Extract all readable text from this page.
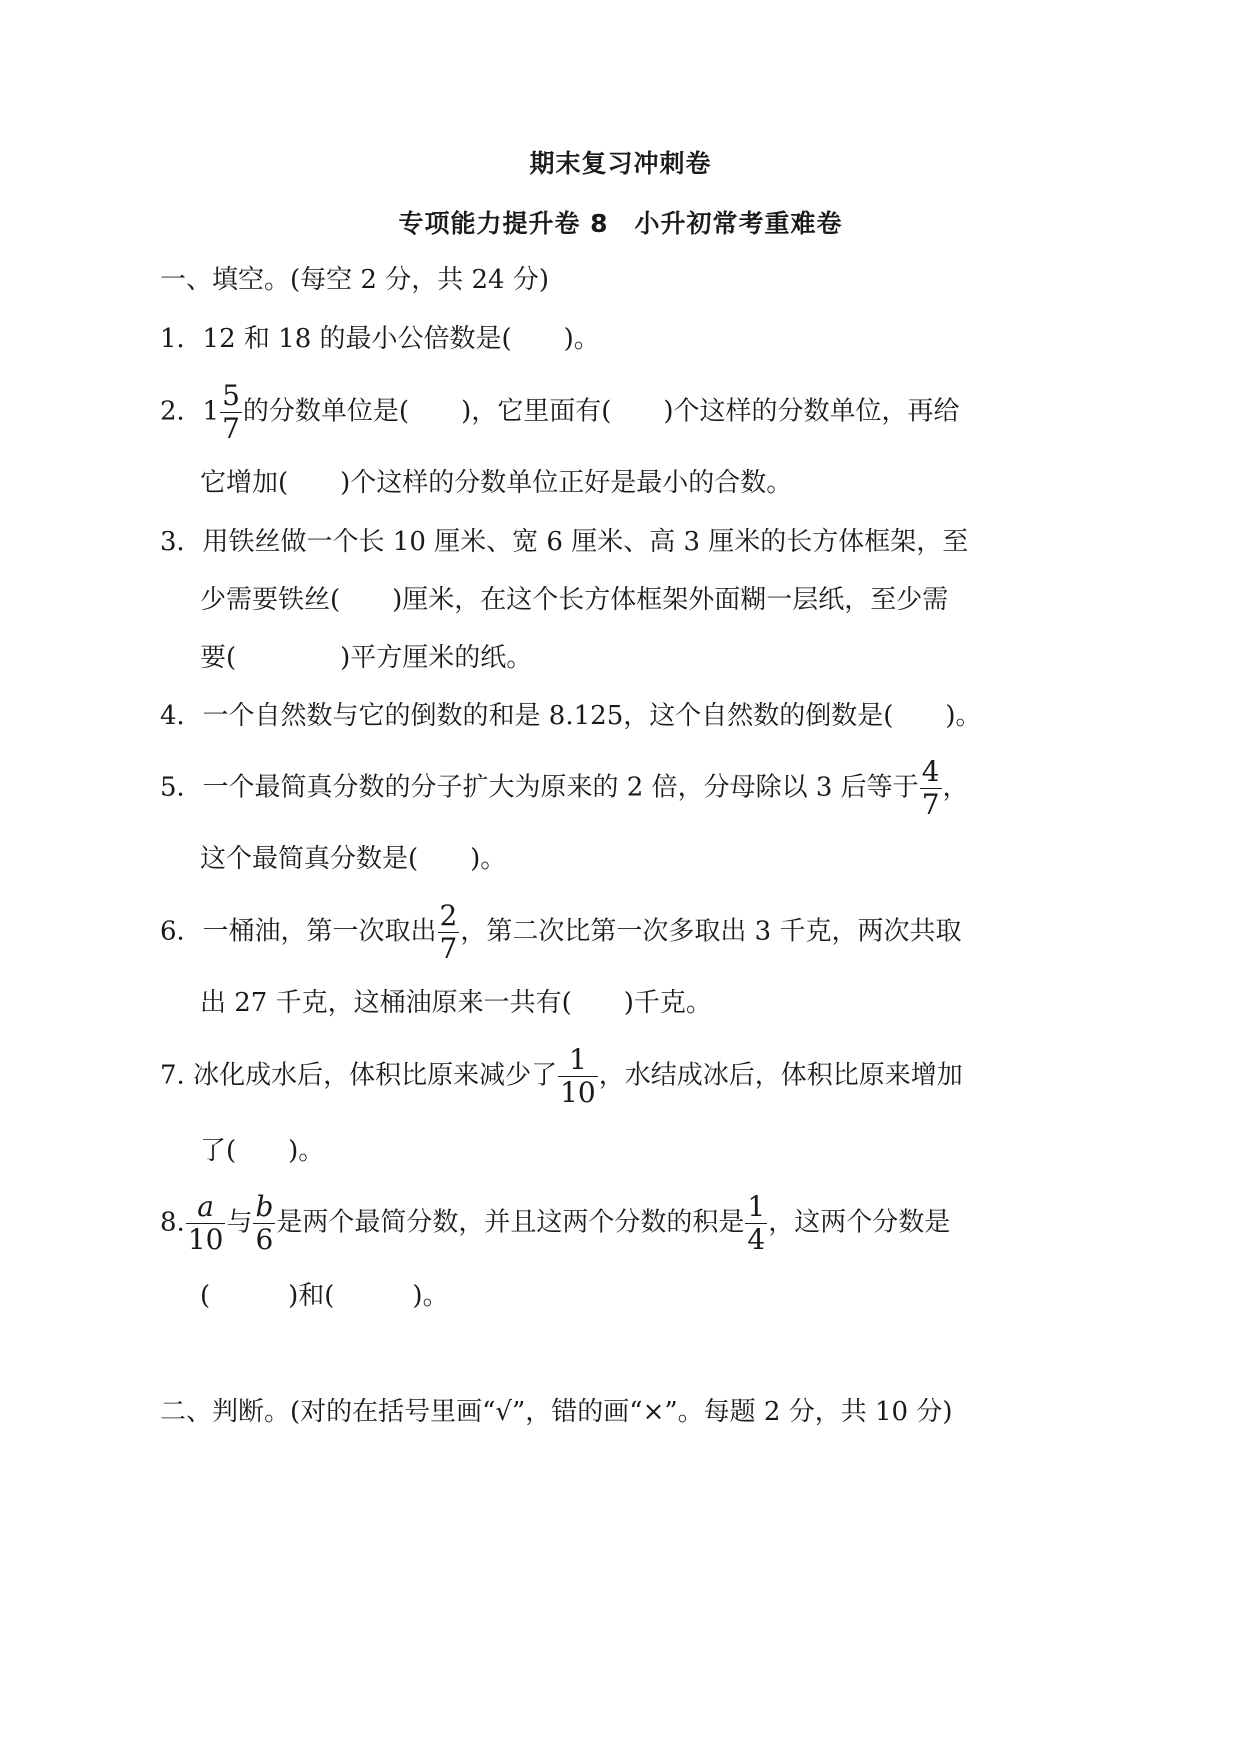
期末复习冲刺卷
专项能力提升卷 8　小升初常考重难卷
一、填空。(每空 2 分，共 24 分)
1．12 和 18 的最小公倍数是(　　)。
2．$1 \frac{5}{7}$ 的分数单位是(　　)，它里面有(　　)个这样的分数单位，再给
它增加(　　)个这样的分数单位正好是最小的合数。
3．用铁丝做一个长 10 厘米、宽 6 厘米、高 3 厘米的长方体框架，至
少需要铁丝(　　)厘米，在这个长方体框架外面糊一层纸，至少需
要(　　　　)平方厘米的纸。
4．一个自然数与它的倒数的和是 8.125，这个自然数的倒数是(　　)。
5．一个最简真分数的分子扩大为原来的 2 倍，分母除以 3 后等于 $\frac{4}{7}$ ，
这个最简真分数是(　　)。
6．一桶油，第一次取出 $\frac{2}{7}$ ，第二次比第一次多取出 3 千克，两次共取
出 27 千克，这桶油原来一共有(　　)千克。
7. 冰化成水后，体积比原来减少了 $\frac{1}{10}$ ，水结成冰后，体积比原来增加
了(　　)。
8. $\frac{a}{10}$ 与 $\frac{b}{6}$ 是两个最简分数，并且这两个分数的积是 $\frac{1}{4}$ ，这两个分数是
(　　　)和(　　　)。
二、判断。(对的在括号里画“√”，错的画“×”。每题 2 分，共 10 分)
